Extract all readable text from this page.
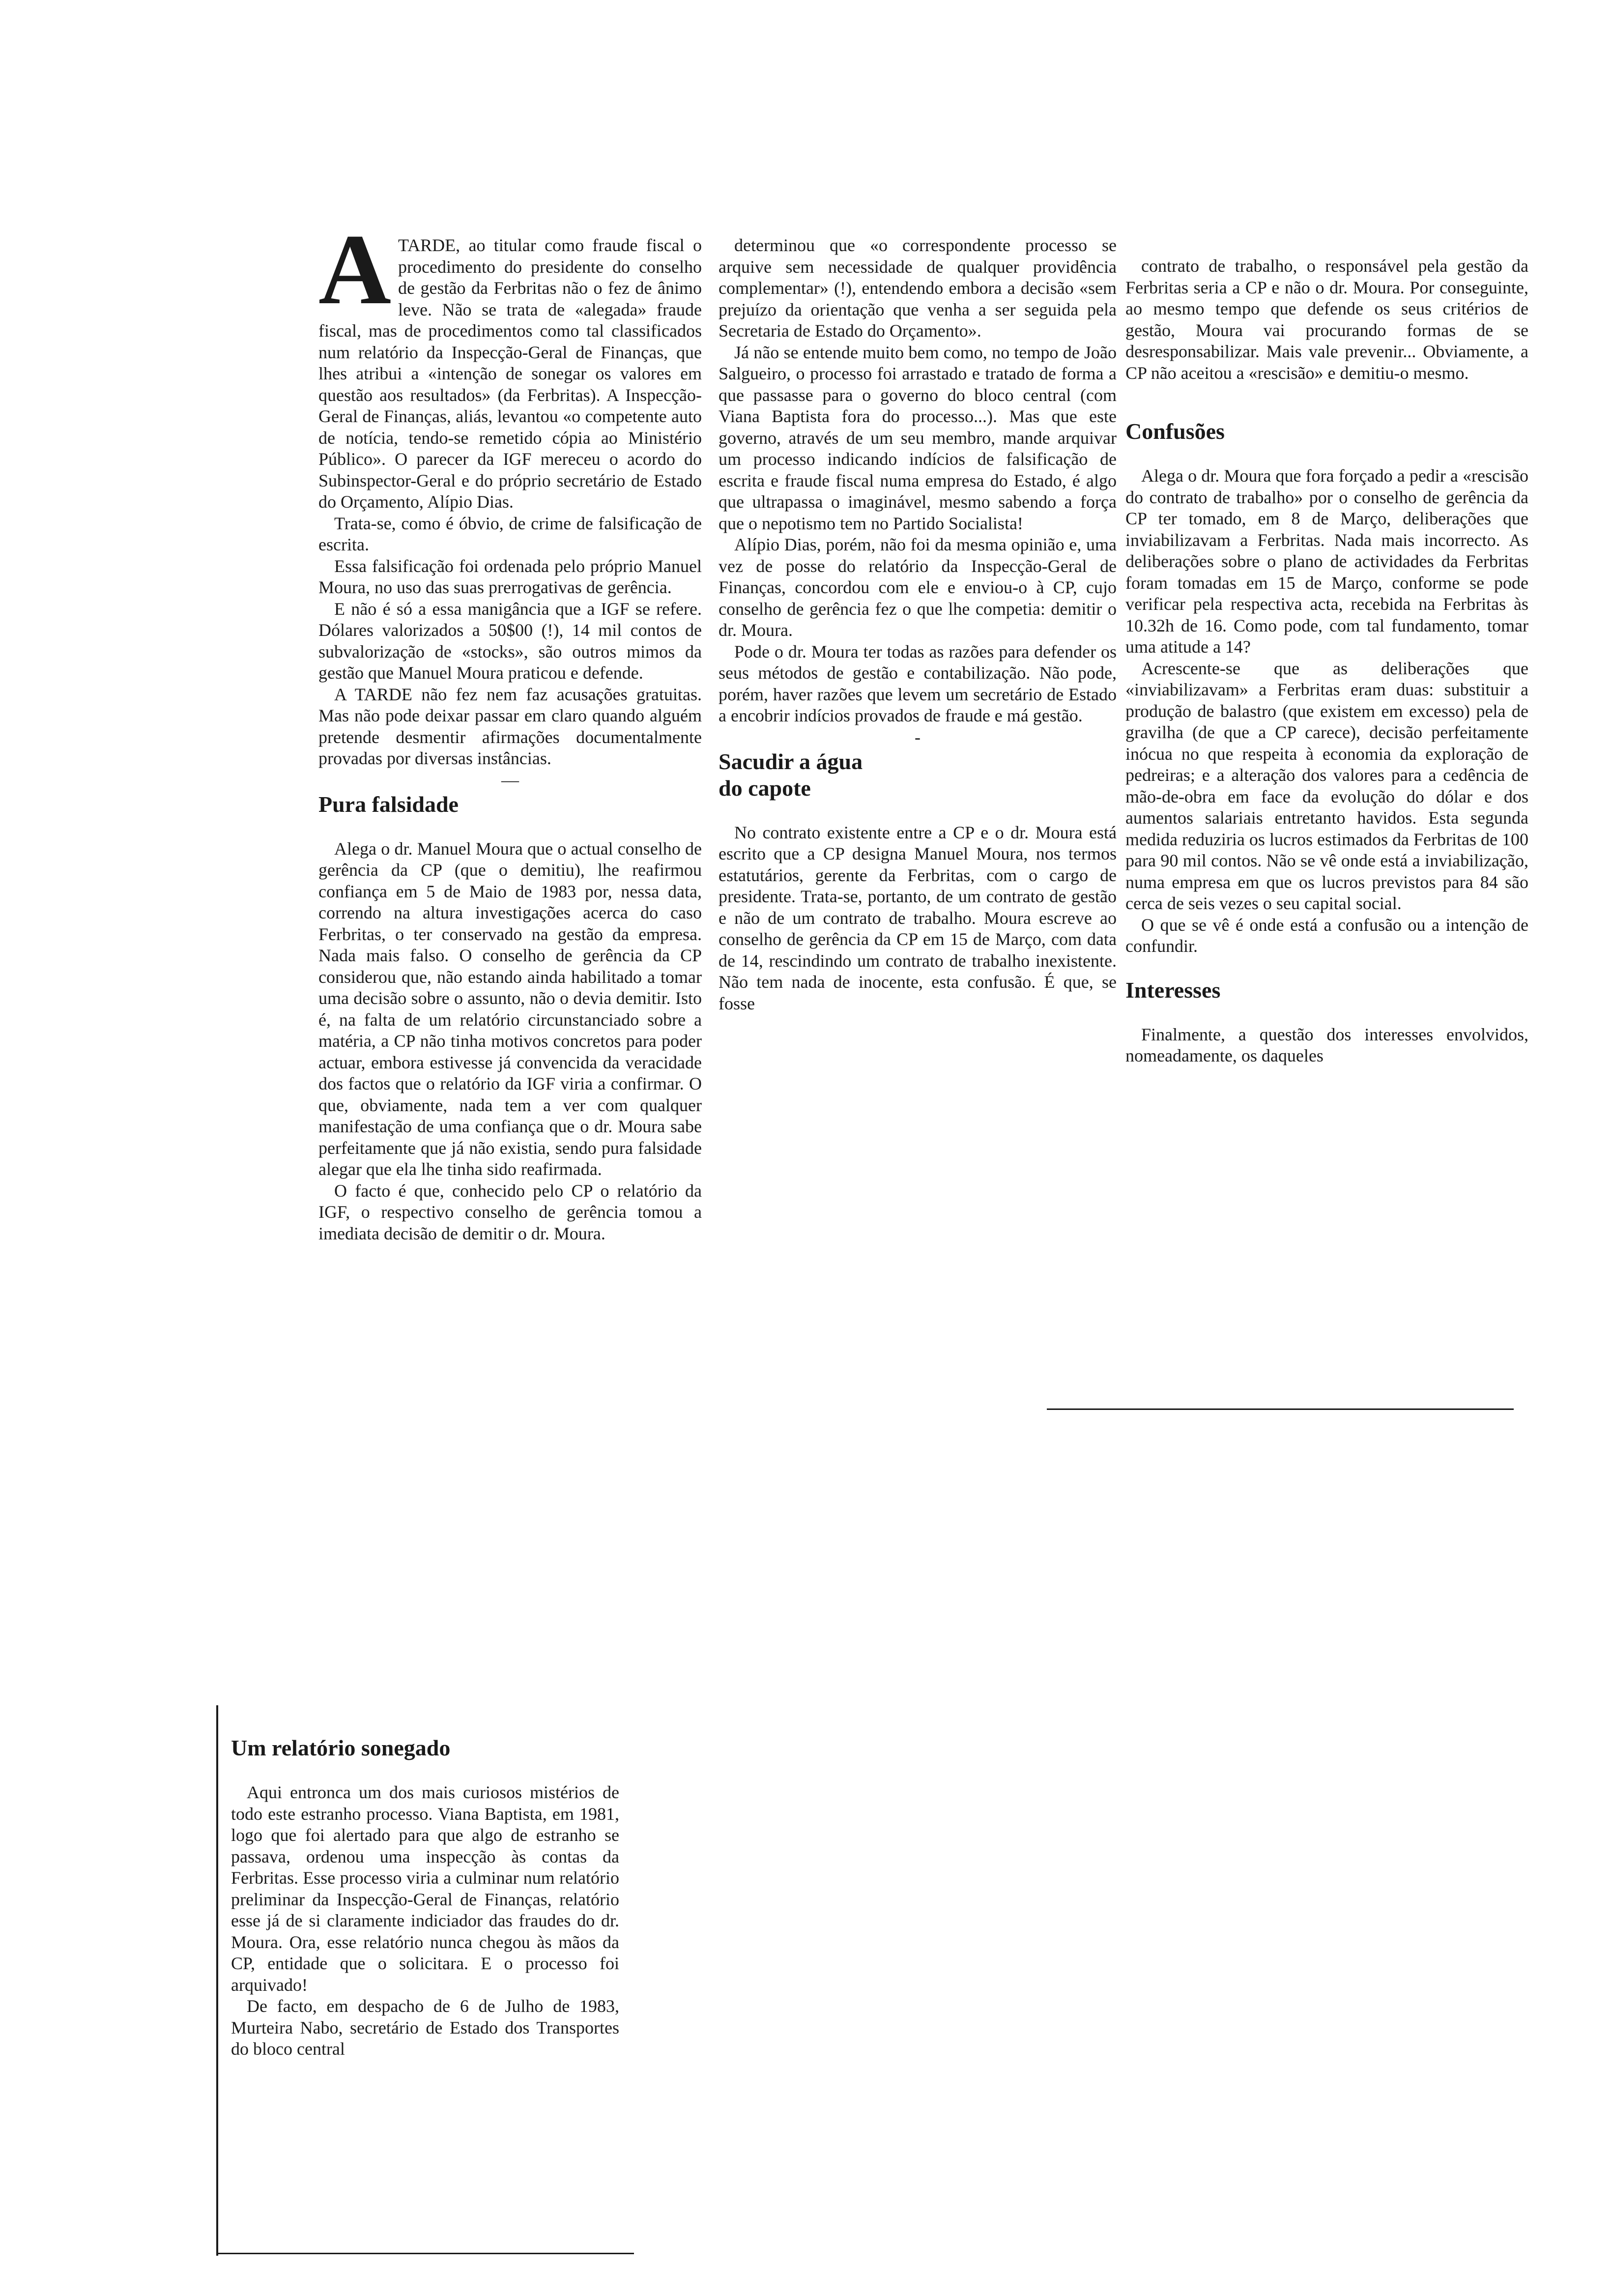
ATARDE, ao titular como fraude fiscal o procedimento do presidente do conselho de gestão da Ferbritas não o fez de ânimo leve. Não se trata de «alegada» fraude fiscal, mas de procedimentos como tal classificados num relatório da Inspecção-Geral de Finanças, que lhes atribui a «intenção de sonegar os valores em questão aos resultados» (da Ferbritas). A Inspecção-Geral de Finanças, aliás, levantou «o competente auto de notícia, tendo-se remetido cópia ao Ministério Público». O parecer da IGF mereceu o acordo do Subinspector-Geral e do próprio secretário de Estado do Orçamento, Alípio Dias.

Trata-se, como é óbvio, de crime de falsificação de escrita.

Essa falsificação foi ordenada pelo próprio Manuel Moura, no uso das suas prerrogativas de gerência.

E não é só a essa manigância que a IGF se refere. Dólares valorizados a 50$00 (!), 14 mil contos de subvalorização de «stocks», são outros mimos da gestão que Manuel Moura praticou e defende.

A TARDE não fez nem faz acusações gratuitas. Mas não pode deixar passar em claro quando alguém pretende desmentir afirmações documentalmente provadas por diversas instâncias.

—

Pura falsidade

Alega o dr. Manuel Moura que o actual conselho de gerência da CP (que o demitiu), lhe reafirmou confiança em 5 de Maio de 1983 por, nessa data, correndo na altura investigações acerca do caso Ferbritas, o ter conservado na gestão da empresa. Nada mais falso. O conselho de gerência da CP considerou que, não estando ainda habilitado a tomar uma decisão sobre o assunto, não o devia demitir. Isto é, na falta de um relatório circunstanciado sobre a matéria, a CP não tinha motivos concretos para poder actuar, embora estivesse já convencida da veracidade dos factos que o relatório da IGF viria a confirmar. O que, obviamente, nada tem a ver com qualquer manifestação de uma confiança que o dr. Moura sabe perfeitamente que já não existia, sendo pura falsidade alegar que ela lhe tinha sido reafirmada.

O facto é que, conhecido pelo CP o relatório da IGF, o respectivo conselho de gerência tomou a imediata decisão de demitir o dr. Moura.

Um relatório sonegado

Aqui entronca um dos mais curiosos mistérios de todo este estranho processo. Viana Baptista, em 1981, logo que foi alertado para que algo de estranho se passava, ordenou uma inspecção às contas da Ferbritas. Esse processo viria a culminar num relatório preliminar da Inspecção-Geral de Finanças, relatório esse já de si claramente indiciador das fraudes do dr. Moura. Ora, esse relatório nunca chegou às mãos da CP, entidade que o solicitara. E o processo foi arquivado!

De facto, em despacho de 6 de Julho de 1983, Murteira Nabo, secretário de Estado dos Transportes do bloco central

determinou que «o correspondente processo se arquive sem necessidade de qualquer providência complementar» (!), entendendo embora a decisão «sem prejuízo da orientação que venha a ser seguida pela Secretaria de Estado do Orçamento».

Já não se entende muito bem como, no tempo de João Salgueiro, o processo foi arrastado e tratado de forma a que passasse para o governo do bloco central (com Viana Baptista fora do processo...). Mas que este governo, através de um seu membro, mande arquivar um processo indicando indícios de falsificação de escrita e fraude fiscal numa empresa do Estado, é algo que ultrapassa o imaginável, mesmo sabendo a força que o nepotismo tem no Partido Socialista!

Alípio Dias, porém, não foi da mesma opinião e, uma vez de posse do relatório da Inspecção-Geral de Finanças, concordou com ele e enviou-o à CP, cujo conselho de gerência fez o que lhe competia: demitir o dr. Moura.

Pode o dr. Moura ter todas as razões para defender os seus métodos de gestão e contabilização. Não pode, porém, haver razões que levem um secretário de Estado a encobrir indícios provados de fraude e má gestão.

-

Sacudir a água
do capote

No contrato existente entre a CP e o dr. Moura está escrito que a CP designa Manuel Moura, nos termos estatutários, gerente da Ferbritas, com o cargo de presidente. Trata-se, portanto, de um contrato de gestão e não de um contrato de trabalho. Moura escreve ao conselho de gerência da CP em 15 de Março, com data de 14, rescindindo um contrato de trabalho inexistente. Não tem nada de inocente, esta confusão. É que, se fosse

contrato de trabalho, o responsável pela gestão da Ferbritas seria a CP e não o dr. Moura. Por conseguinte, ao mesmo tempo que defende os seus critérios de gestão, Moura vai procurando formas de se desresponsabilizar. Mais vale prevenir... Obviamente, a CP não aceitou a «rescisão» e demitiu-o mesmo.

Confusões

Alega o dr. Moura que fora forçado a pedir a «rescisão do contrato de trabalho» por o conselho de gerência da CP ter tomado, em 8 de Março, deliberações que inviabilizavam a Ferbritas. Nada mais incorrecto. As deliberações sobre o plano de actividades da Ferbritas foram tomadas em 15 de Março, conforme se pode verificar pela respectiva acta, recebida na Ferbritas às 10.32h de 16. Como pode, com tal fundamento, tomar uma atitude a 14?

Acrescente-se que as deliberações que «inviabilizavam» a Ferbritas eram duas: substituir a produção de balastro (que existem em excesso) pela de gravilha (de que a CP carece), decisão perfeitamente inócua no que respeita à economia da exploração de pedreiras; e a alteração dos valores para a cedência de mão-de-obra em face da evolução do dólar e dos aumentos salariais entretanto havidos. Esta segunda medida reduziria os lucros estimados da Ferbritas de 100 para 90 mil contos. Não se vê onde está a inviabilização, numa empresa em que os lucros previstos para 84 são cerca de seis vezes o seu capital social.

O que se vê é onde está a confusão ou a intenção de confundir.

Interesses

Finalmente, a questão dos interesses envolvidos, nomeadamente, os daqueles
